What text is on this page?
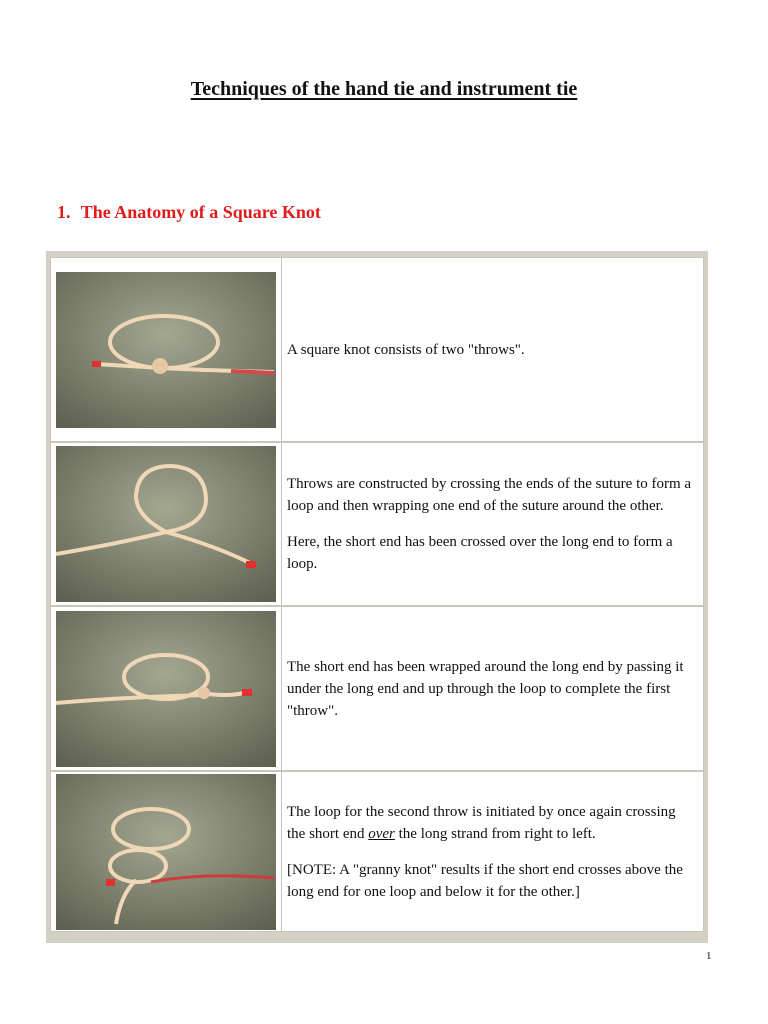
Techniques of the hand tie and instrument tie
1. The Anatomy of a Square Knot

A square knot consists of two "throws".

Throws are constructed by crossing the ends of the suture to form a loop and then wrapping one end of the suture around the other.

Here, the short end has been crossed over the long end to form a loop.

The short end has been wrapped around the long end by passing it under the long end and up through the loop to complete the first "throw".

The loop for the second throw is initiated by once again crossing the short end over the long strand from right to left.

[NOTE: A "granny knot" results if the short end crosses above the long end for one loop and below it for the other.]

1
